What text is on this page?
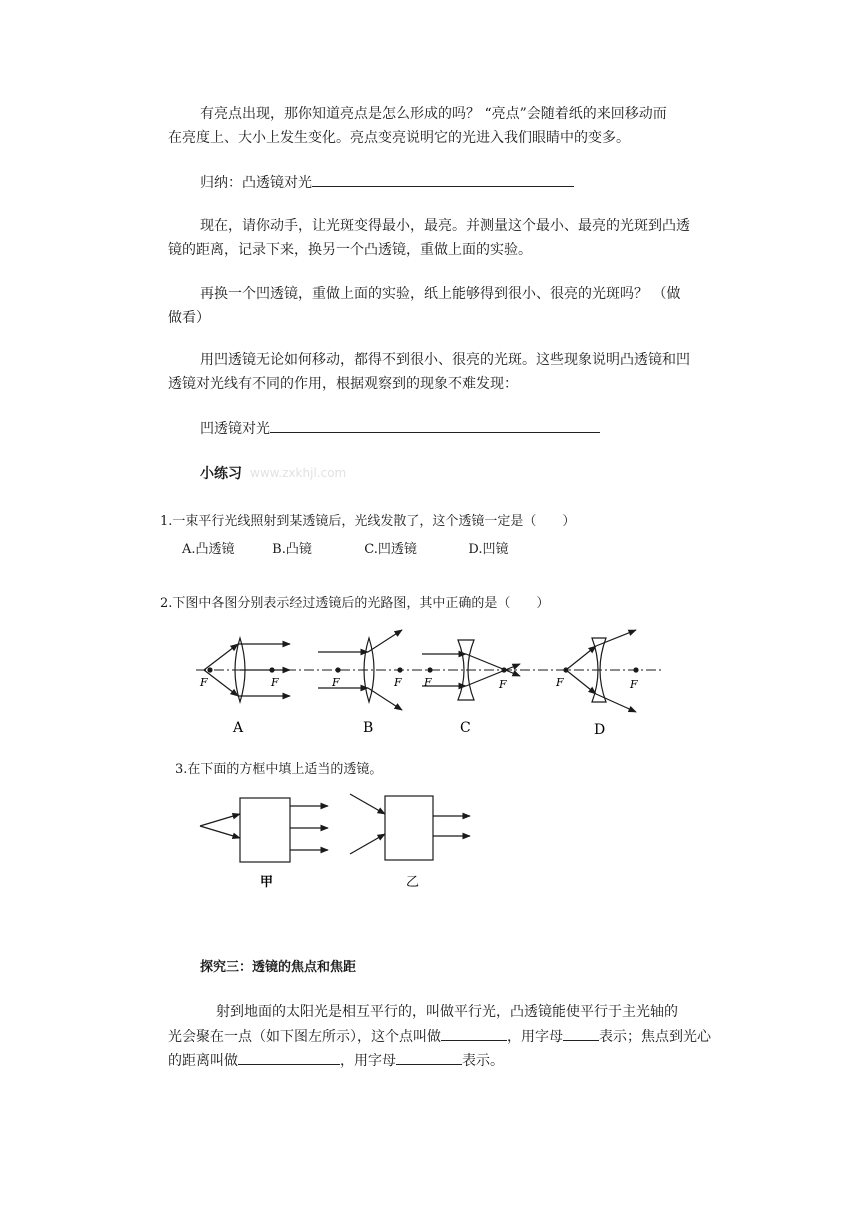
有亮点出现，那你知道亮点是怎么形成的吗？ “亮点”会随着纸的来回移动而
在亮度上、大小上发生变化。亮点变亮说明它的光进入我们眼睛中的变多。
归纳：凸透镜对光
现在，请你动手，让光斑变得最小，最亮。并测量这个最小、最亮的光斑到凸透
镜的距离，记录下来，换另一个凸透镜，重做上面的实验。
再换一个凹透镜，重做上面的实验，纸上能够得到很小、很亮的光斑吗？ （做
做看）
用凹透镜无论如何移动，都得不到很小、很亮的光斑。这些现象说明凸透镜和凹
透镜对光线有不同的作用，根据观察到的现象不难发现：
凹透镜对光
小练习 www.zxkhjl.com
1.一束平行光线照射到某透镜后，光线发散了，这个透镜一定是（　　）
A.凸透镜	B.凸镜	C.凹透镜	D.凹镜
2.下图中各图分别表示经过透镜后的光路图，其中正确的是（　　）
F	F
A
F	F
B
F	F
C
F	F
D
3.在下面的方框中填上适当的透镜。
甲	乙
探究三：透镜的焦点和焦距
射到地面的太阳光是相互平行的，叫做平行光，凸透镜能使平行于主光轴的
光会聚在一点（如下图左所示），这个点叫做	，用字母	表示；焦点到光心
的距离叫做	，用字母	表示。
